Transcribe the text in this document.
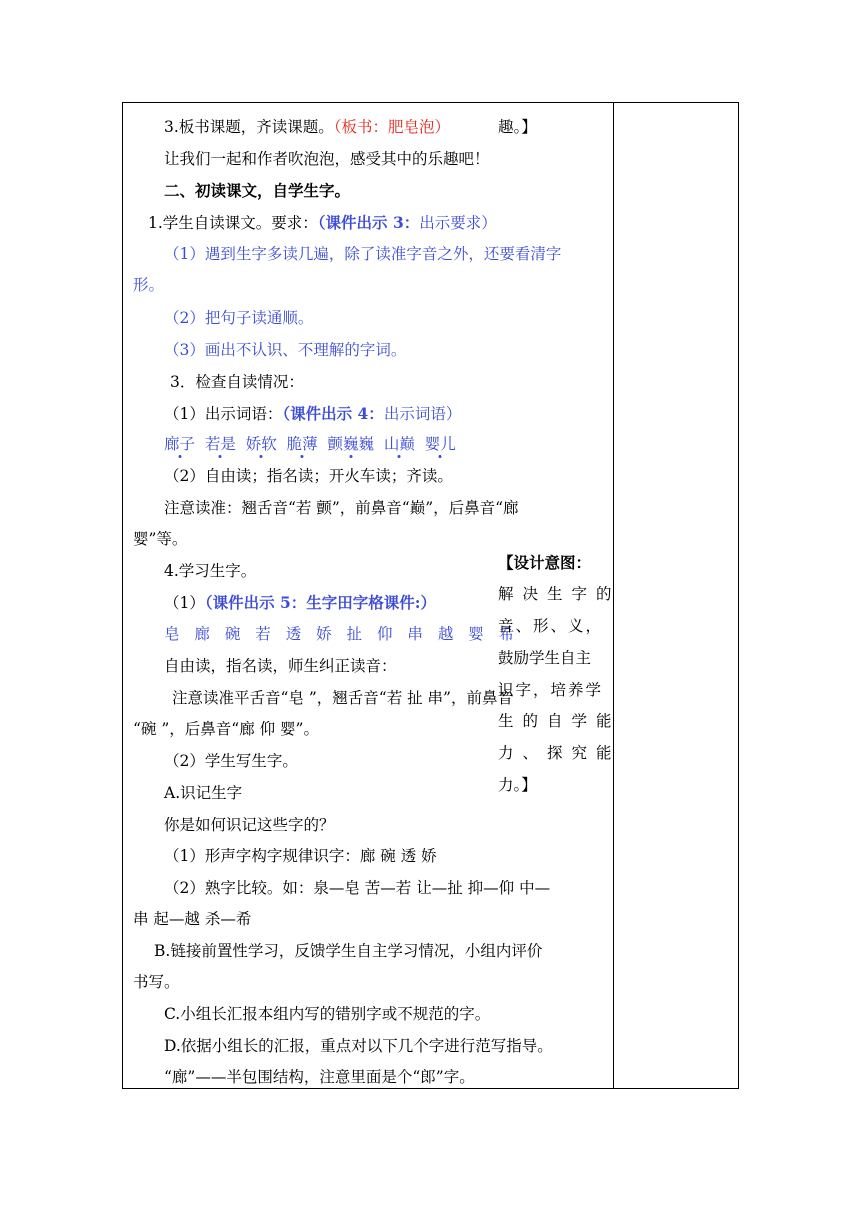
3.板书课题，齐读课题。（板书：肥皂泡）
让我们一起和作者吹泡泡，感受其中的乐趣吧！
二、初读课文，自学生字。
1.学生自读课文。要求：（课件出示 3：出示要求）
（1）遇到生字多读几遍，除了读准字音之外，还要看清字
形。
（2）把句子读通顺。
（3）画出不认识、不理解的字词。
3．检查自读情况：
（1）出示词语：（课件出示 4：出示词语）
廊子 若是 娇软 脆薄 颤巍巍 山巅 婴儿
（2）自由读；指名读；开火车读；齐读。
注意读准：翘舌音“若 颤”，前鼻音“巅”，后鼻音“廊
婴”等。
4.学习生字。
（1）（课件出示 5：生字田字格课件:）
皂 廊 碗 若 透 娇 扯 仰 串 越 婴 希
自由读，指名读，师生纠正读音：
注意读准平舌音“皂 ”，翘舌音“若 扯 串”，前鼻音
“碗 ”，后鼻音“廊 仰 婴”。
（2）学生写生字。
A.识记生字
你是如何识记这些字的？
（1）形声字构字规律识字：廊 碗 透 娇
（2）熟字比较。如：泉—皂 苦—若 让—扯 抑—仰 中—
串 起—越 杀—希
B.链接前置性学习，反馈学生自主学习情况，小组内评价
书写。
C.小组长汇报本组内写的错别字或不规范的字。
D.依据小组长的汇报，重点对以下几个字进行范写指导。
“廊”——半包围结构，注意里面是个“郎”字。
趣。】
【设计意图：
解决生字的
音、形、义，
鼓励学生自主
识字，培养学
生的自学能
力、探究能
力。】
